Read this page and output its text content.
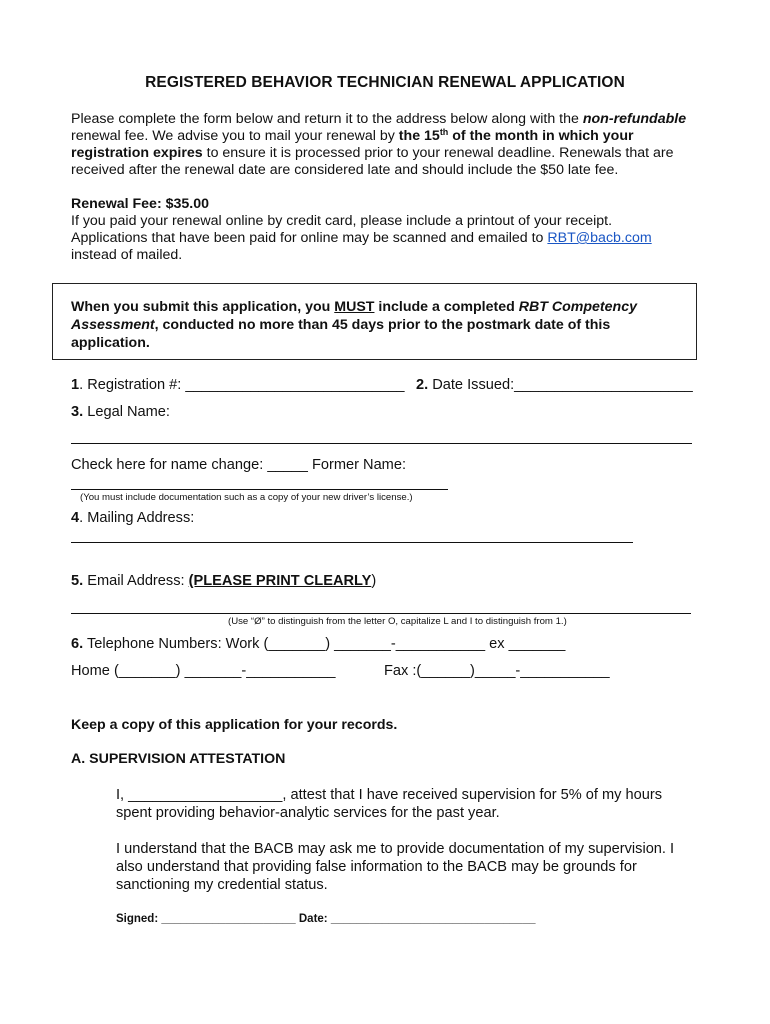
REGISTERED BEHAVIOR TECHNICIAN RENEWAL APPLICATION
Please complete the form below and return it to the address below along with the non-refundable
renewal fee. We advise you to mail your renewal by the 15th of the month in which your
registration expires to ensure it is processed prior to your renewal deadline. Renewals that are
received after the renewal date are considered late and should include the $50 late fee.
Renewal Fee: $35.00
If you paid your renewal online by credit card, please include a printout of your receipt.
Applications that have been paid for online may be scanned and emailed to RBT@bacb.com
instead of mailed.
When you submit this application, you MUST include a completed RBT Competency
Assessment, conducted no more than 45 days prior to the postmark date of this
application.
1. Registration #: ___________________________ 2. Date Issued:______________________
3. Legal Name:
Check here for name change: _____ Former Name:
(You must include documentation such as a copy of your new driver’s license.)
4. Mailing Address:
5. Email Address: (PLEASE PRINT CLEARLY)
(Use “Ø” to distinguish from the letter O, capitalize L and I to distinguish from 1.)
6. Telephone Numbers: Work (_______) _______-___________ ex _______
Home (_______) _______-___________	Fax :(______)_____-___________
Keep a copy of this application for your records.
A. SUPERVISION ATTESTATION
I, ___________________, attest that I have received supervision for 5% of my hours
spent providing behavior-analytic services for the past year.
I understand that the BACB may ask me to provide documentation of my supervision. I
also understand that providing false information to the BACB may be grounds for
sanctioning my credential status.
Signed: _____________________ Date: ________________________________
